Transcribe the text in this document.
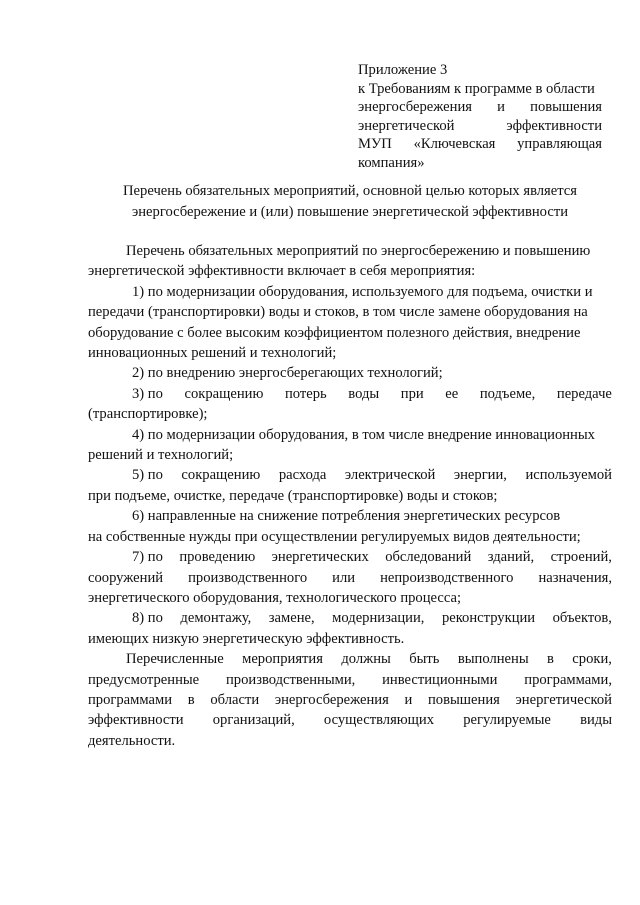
Приложение 3
к Требованиям к программе в области
энергосбережения и повышения
энергетической	эффективности
МУП «Ключевская управляющая
компания»
Перечень обязательных мероприятий, основной целью которых является
энергосбережение и (или) повышение энергетической эффективности
Перечень обязательных мероприятий по энергосбережению и повышению
энергетической эффективности включает в себя мероприятия:
1) по модернизации оборудования, используемого для подъема, очистки и
передачи (транспортировки) воды и стоков, в том числе замене оборудования на
оборудование с более высоким коэффициентом полезного действия, внедрение
инновационных решений и технологий;
2) по внедрению энергосберегающих технологий;
3) по сокращению потерь воды при ее подъеме, передаче
(транспортировке);
4) по модернизации оборудования, в том числе внедрение инновационных
решений и технологий;
5) по сокращению расхода электрической энергии, используемой
при подъеме, очистке, передаче (транспортировке) воды и стоков;
6) направленные на снижение потребления энергетических ресурсов
на собственные нужды при осуществлении регулируемых видов деятельности;
7) по проведению энергетических обследований зданий, строений,
сооружений производственного или непроизводственного назначения,
энергетического оборудования, технологического процесса;
8) по демонтажу, замене, модернизации, реконструкции объектов,
имеющих низкую энергетическую эффективность.
Перечисленные мероприятия должны быть выполнены в сроки,
предусмотренные производственными, инвестиционными программами,
программами в области энергосбережения и повышения энергетической
эффективности организаций, осуществляющих регулируемые виды
деятельности.
